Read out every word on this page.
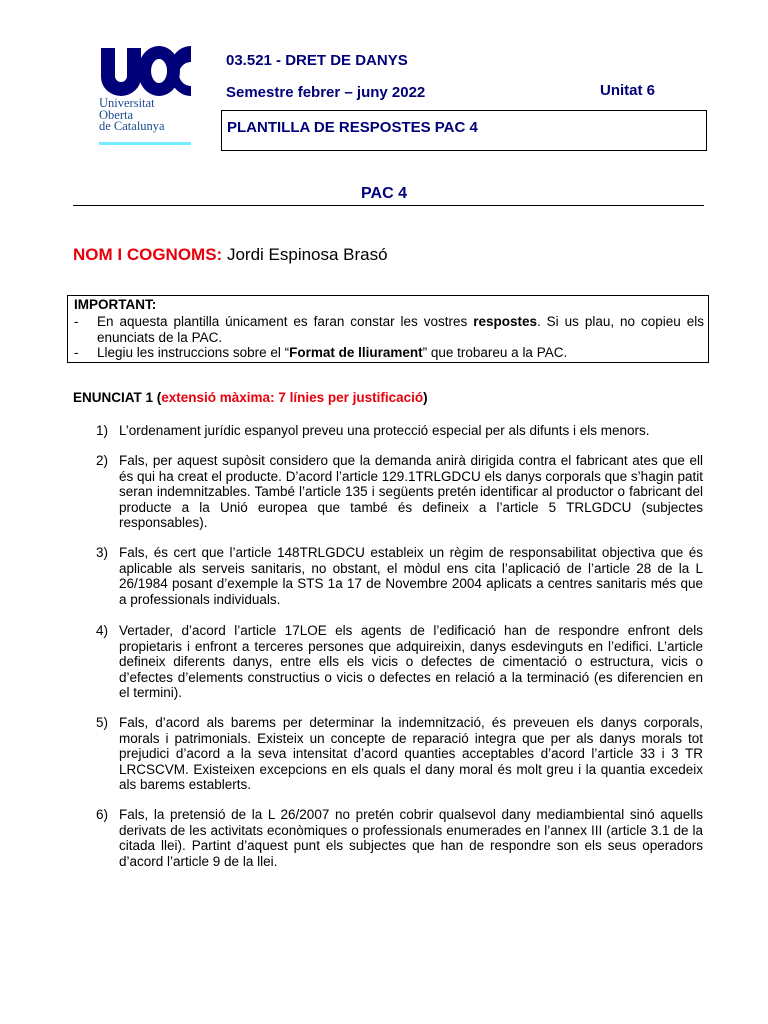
Universitat
Oberta
de Catalunya
03.521 - DRET DE DANYS
Semestre febrer – juny 2022	Unitat 6
PLANTILLA DE RESPOSTES PAC 4
PAC 4
NOM I COGNOMS: Jordi Espinosa Brasó
IMPORTANT:
- En aquesta plantilla únicament es faran constar les vostres respostes. Si us plau, no copieu els enunciats de la PAC.
- Llegiu les instruccions sobre el “Format de lliurament” que trobareu a la PAC.
ENUNCIAT 1 (extensió màxima: 7 línies per justificació)
1) L’ordenament jurídic espanyol preveu una protecció especial per als difunts i els menors.
2) Fals, per aquest supòsit considero que la demanda anirà dirigida contra el fabricant ates que ell és qui ha creat el producte. D’acord l’article 129.1TRLGDCU els danys corporals que s’hagin patit seran indemnitzables. També l’article 135 i següents pretén identificar al productor o fabricant del producte a la Unió europea que també és defineix a l’article 5 TRLGDCU (subjectes responsables).
3) Fals, és cert que l’article 148TRLGDCU estableix un règim de responsabilitat objectiva que és aplicable als serveis sanitaris, no obstant, el mòdul ens cita l’aplicació de l’article 28 de la L 26/1984 posant d’exemple la STS 1a 17 de Novembre 2004 aplicats a centres sanitaris més que a professionals individuals.
4) Vertader, d’acord l’article 17LOE els agents de l’edificació han de respondre enfront dels propietaris i enfront a terceres persones que adquireixin, danys esdevinguts en l’edifici. L’article defineix diferents danys, entre ells els vicis o defectes de cimentació o estructura, vicis o d’efectes d’elements constructius o vicis o defectes en relació a la terminació (es diferencien en el termini).
5) Fals, d’acord als barems per determinar la indemnització, és preveuen els danys corporals, morals i patrimonials. Existeix un concepte de reparació integra que per als danys morals tot prejudici d’acord a la seva intensitat d’acord quanties acceptables d’acord l’article 33 i 3 TR LRCSCVM. Existeixen excepcions en els quals el dany moral és molt greu i la quantia excedeix als barems establerts.
6) Fals, la pretensió de la L 26/2007 no pretén cobrir qualsevol dany mediambiental sinó aquells derivats de les activitats econòmiques o professionals enumerades en l’annex III (article 3.1 de la citada llei). Partint d’aquest punt els subjectes que han de respondre son els seus operadors d’acord l’article 9 de la llei.
